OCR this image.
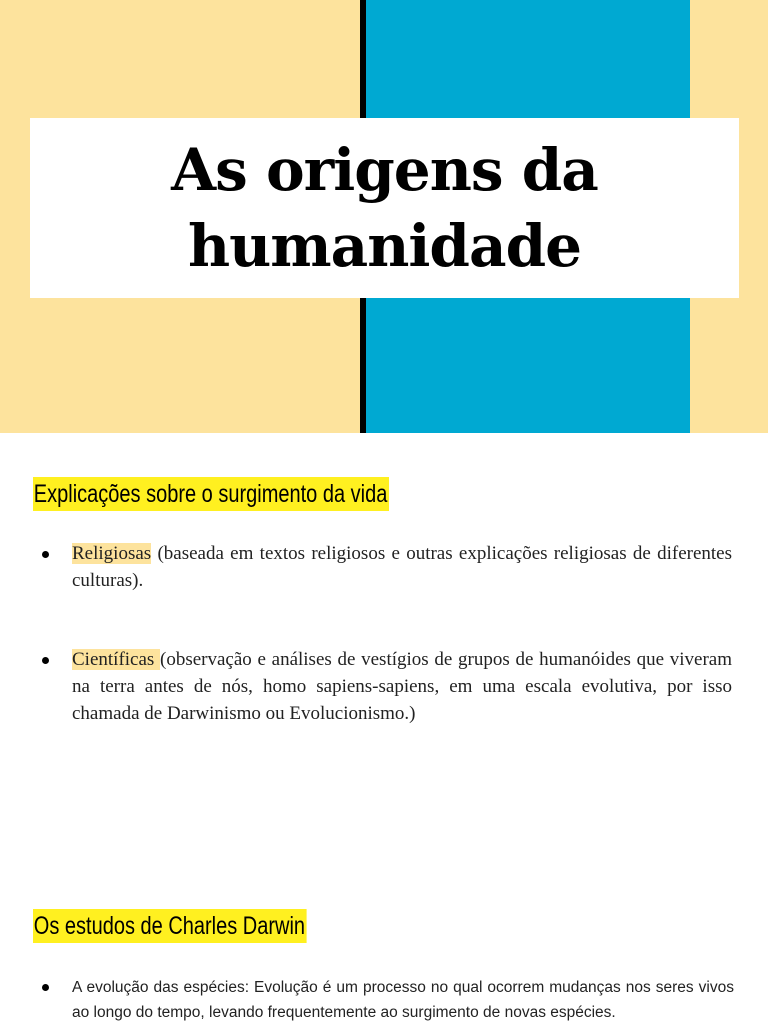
As origens da
humanidade
Explicações sobre o surgimento da vida
Religiosas (baseada em textos religiosos e outras explicações religiosas de diferentes culturas).
Científicas (observação e análises de vestígios de grupos de humanóides que viveram na terra antes de nós, homo sapiens-sapiens, em uma escala evolutiva, por isso chamada de Darwinismo ou Evolucionismo.)
Os estudos de Charles Darwin
A evolução das espécies: Evolução é um processo no qual ocorrem mudanças nos seres vivos ao longo do tempo, levando frequentemente ao surgimento de novas espécies.
